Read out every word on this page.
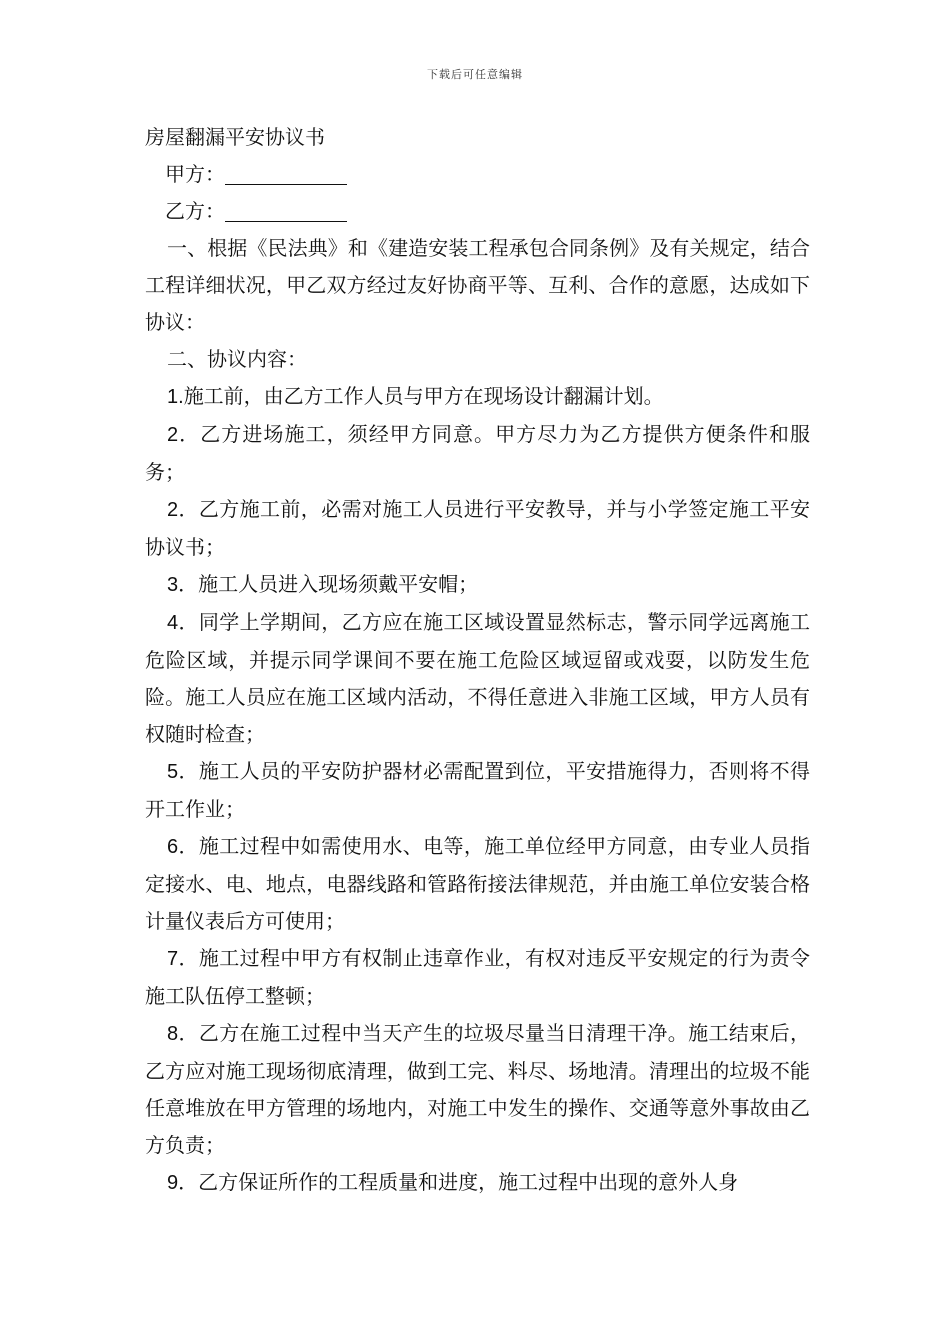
下载后可任意编辑

房屋翻漏平安协议书

甲方：

乙方：

一、根据《民法典》和《建造安装工程承包合同条例》及有关规定，结合工程详细状况，甲乙双方经过友好协商平等、互利、合作的意愿，达成如下协议：

二、协议内容：

1.施工前，由乙方工作人员与甲方在现场设计翻漏计划。

2．乙方进场施工，须经甲方同意。甲方尽力为乙方提供方便条件和服务；

2．乙方施工前，必需对施工人员进行平安教导，并与小学签定施工平安协议书；

3．施工人员进入现场须戴平安帽；

4．同学上学期间，乙方应在施工区域设置显然标志，警示同学远离施工危险区域，并提示同学课间不要在施工危险区域逗留或戏耍，以防发生危险。施工人员应在施工区域内活动，不得任意进入非施工区域，甲方人员有权随时检查；

5．施工人员的平安防护器材必需配置到位，平安措施得力，否则将不得开工作业；

6．施工过程中如需使用水、电等，施工单位经甲方同意，由专业人员指定接水、电、地点，电器线路和管路衔接法律规范，并由施工单位安装合格计量仪表后方可使用；

7．施工过程中甲方有权制止违章作业，有权对违反平安规定的行为责令施工队伍停工整顿；

8．乙方在施工过程中当天产生的垃圾尽量当日清理干净。施工结束后，乙方应对施工现场彻底清理，做到工完、料尽、场地清。清理出的垃圾不能任意堆放在甲方管理的场地内，对施工中发生的操作、交通等意外事故由乙方负责；

9．乙方保证所作的工程质量和进度，施工过程中出现的意外人身
